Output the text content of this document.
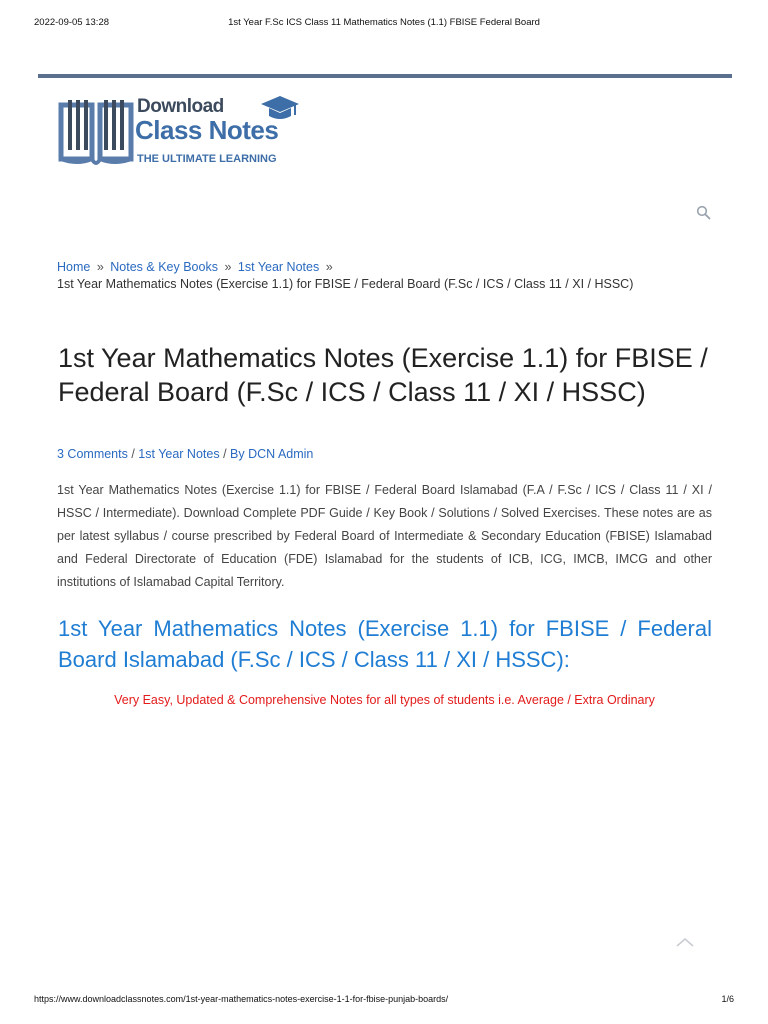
2022-09-05 13:28	1st Year F.Sc ICS Class 11 Mathematics Notes (1.1) FBISE Federal Board
Download
Class Notes
THE ULTIMATE LEARNING
Home » Notes & Key Books » 1st Year Notes »
1st Year Mathematics Notes (Exercise 1.1) for FBISE / Federal Board (F.Sc / ICS / Class 11 / XI / HSSC)
1st Year Mathematics Notes (Exercise 1.1) for FBISE / Federal Board (F.Sc / ICS / Class 11 / XI / HSSC)
3 Comments / 1st Year Notes / By DCN Admin

1st Year Mathematics Notes (Exercise 1.1) for FBISE / Federal Board Islamabad (F.A / F.Sc / ICS / Class 11 / XI / HSSC / Intermediate). Download Complete PDF Guide / Key Book / Solutions / Solved Exercises. These notes are as per latest syllabus / course prescribed by Federal Board of Intermediate & Secondary Education (FBISE) Islamabad and Federal Directorate of Education (FDE) Islamabad for the students of ICB, ICG, IMCB, IMCG and other institutions of Islamabad Capital Territory.

1st Year Mathematics Notes (Exercise 1.1) for FBISE / Federal Board Islamabad (F.Sc / ICS / Class 11 / XI / HSSC):
Very Easy, Updated & Comprehensive Notes for all types of students i.e. Average / Extra Ordinary
https://www.downloadclassnotes.com/1st-year-mathematics-notes-exercise-1-1-for-fbise-punjab-boards/	1/6
